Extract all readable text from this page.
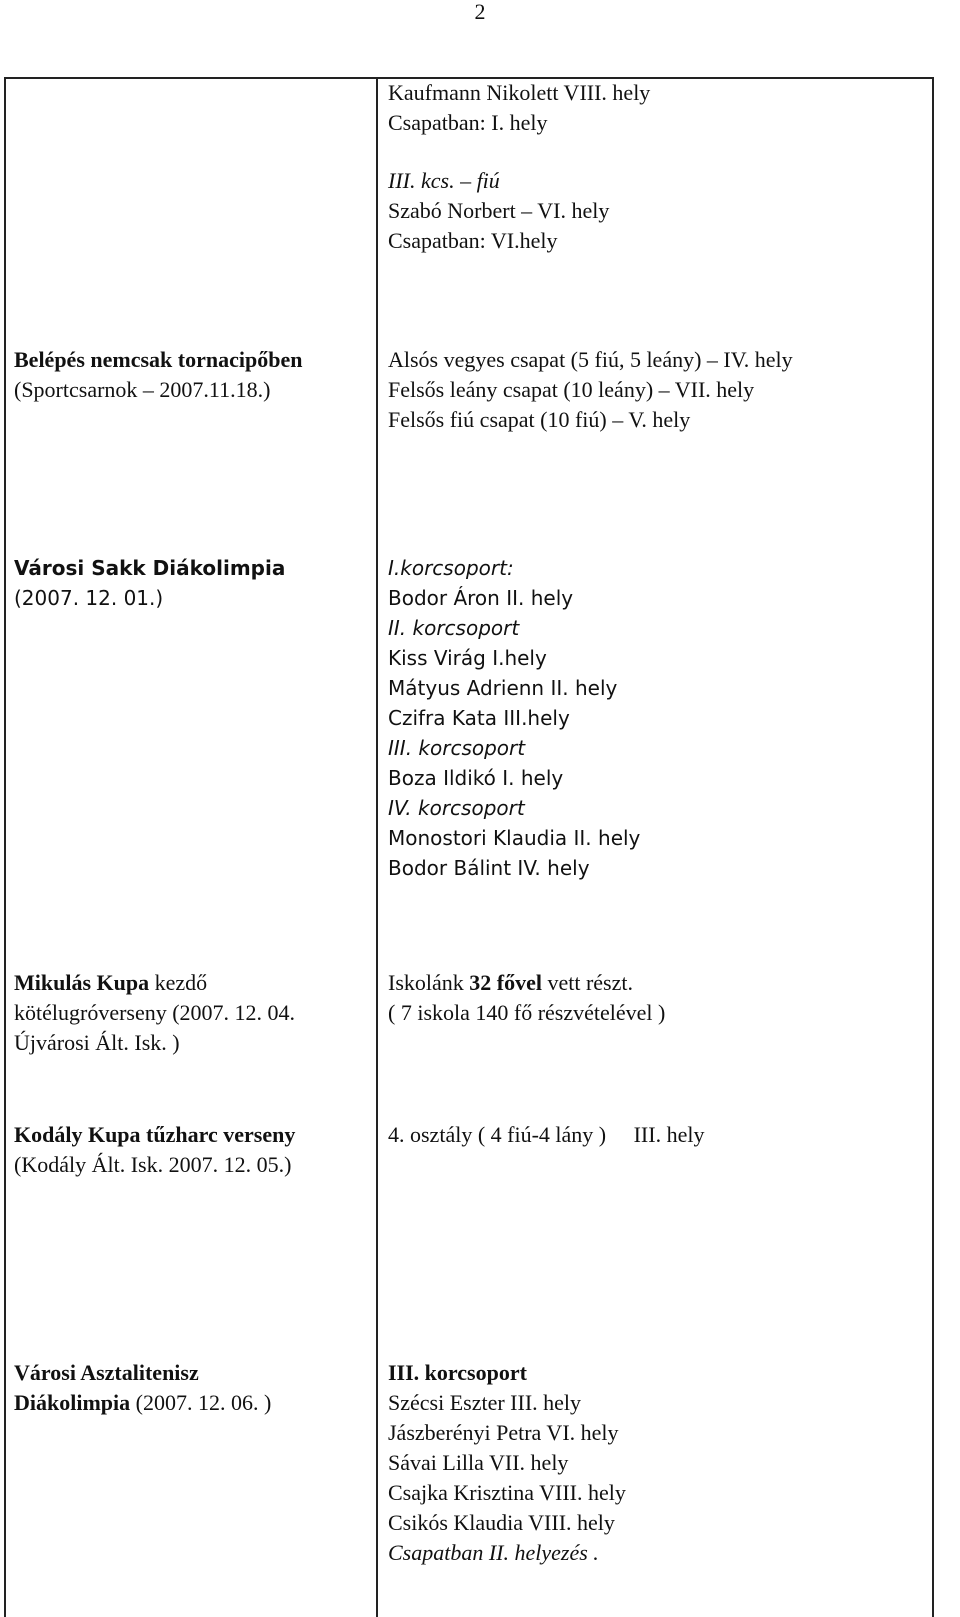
2
Kaufmann Nikolett VIII. hely
Csapatban: I. hely
III. kcs. – fiú
Szabó Norbert – VI. hely
Csapatban: VI.hely
Belépés nemcsak tornacipőben
(Sportcsarnok – 2007.11.18.)
Alsós vegyes csapat (5 fiú, 5 leány) – IV. hely
Felsős leány csapat (10 leány) – VII. hely
Felsős fiú csapat (10 fiú) – V. hely
Városi Sakk Diákolimpia
(2007. 12. 01.)
I.korcsoport:
Bodor Áron II. hely
II. korcsoport
Kiss Virág I.hely
Mátyus Adrienn II. hely
Czifra Kata III.hely
III. korcsoport
Boza Ildikó I. hely
IV. korcsoport
Monostori Klaudia II. hely
Bodor Bálint IV. hely
Mikulás Kupa kezdő
kötélugróverseny (2007. 12. 04.
Újvárosi Ált. Isk. )
Iskolánk 32 fővel vett részt.
( 7 iskola 140 fő részvételével )
Kodály Kupa tűzharc verseny
(Kodály Ált. Isk. 2007. 12. 05.)
4. osztály ( 4 fiú-4 lány )     III. hely
Városi Asztalitenisz
Diákolimpia (2007. 12. 06. )
III. korcsoport
Szécsi Eszter III. hely
Jászberényi Petra VI. hely
Sávai Lilla VII. hely
Csajka Krisztina VIII. hely
Csikós Klaudia VIII. hely
Csapatban II. helyezés .
